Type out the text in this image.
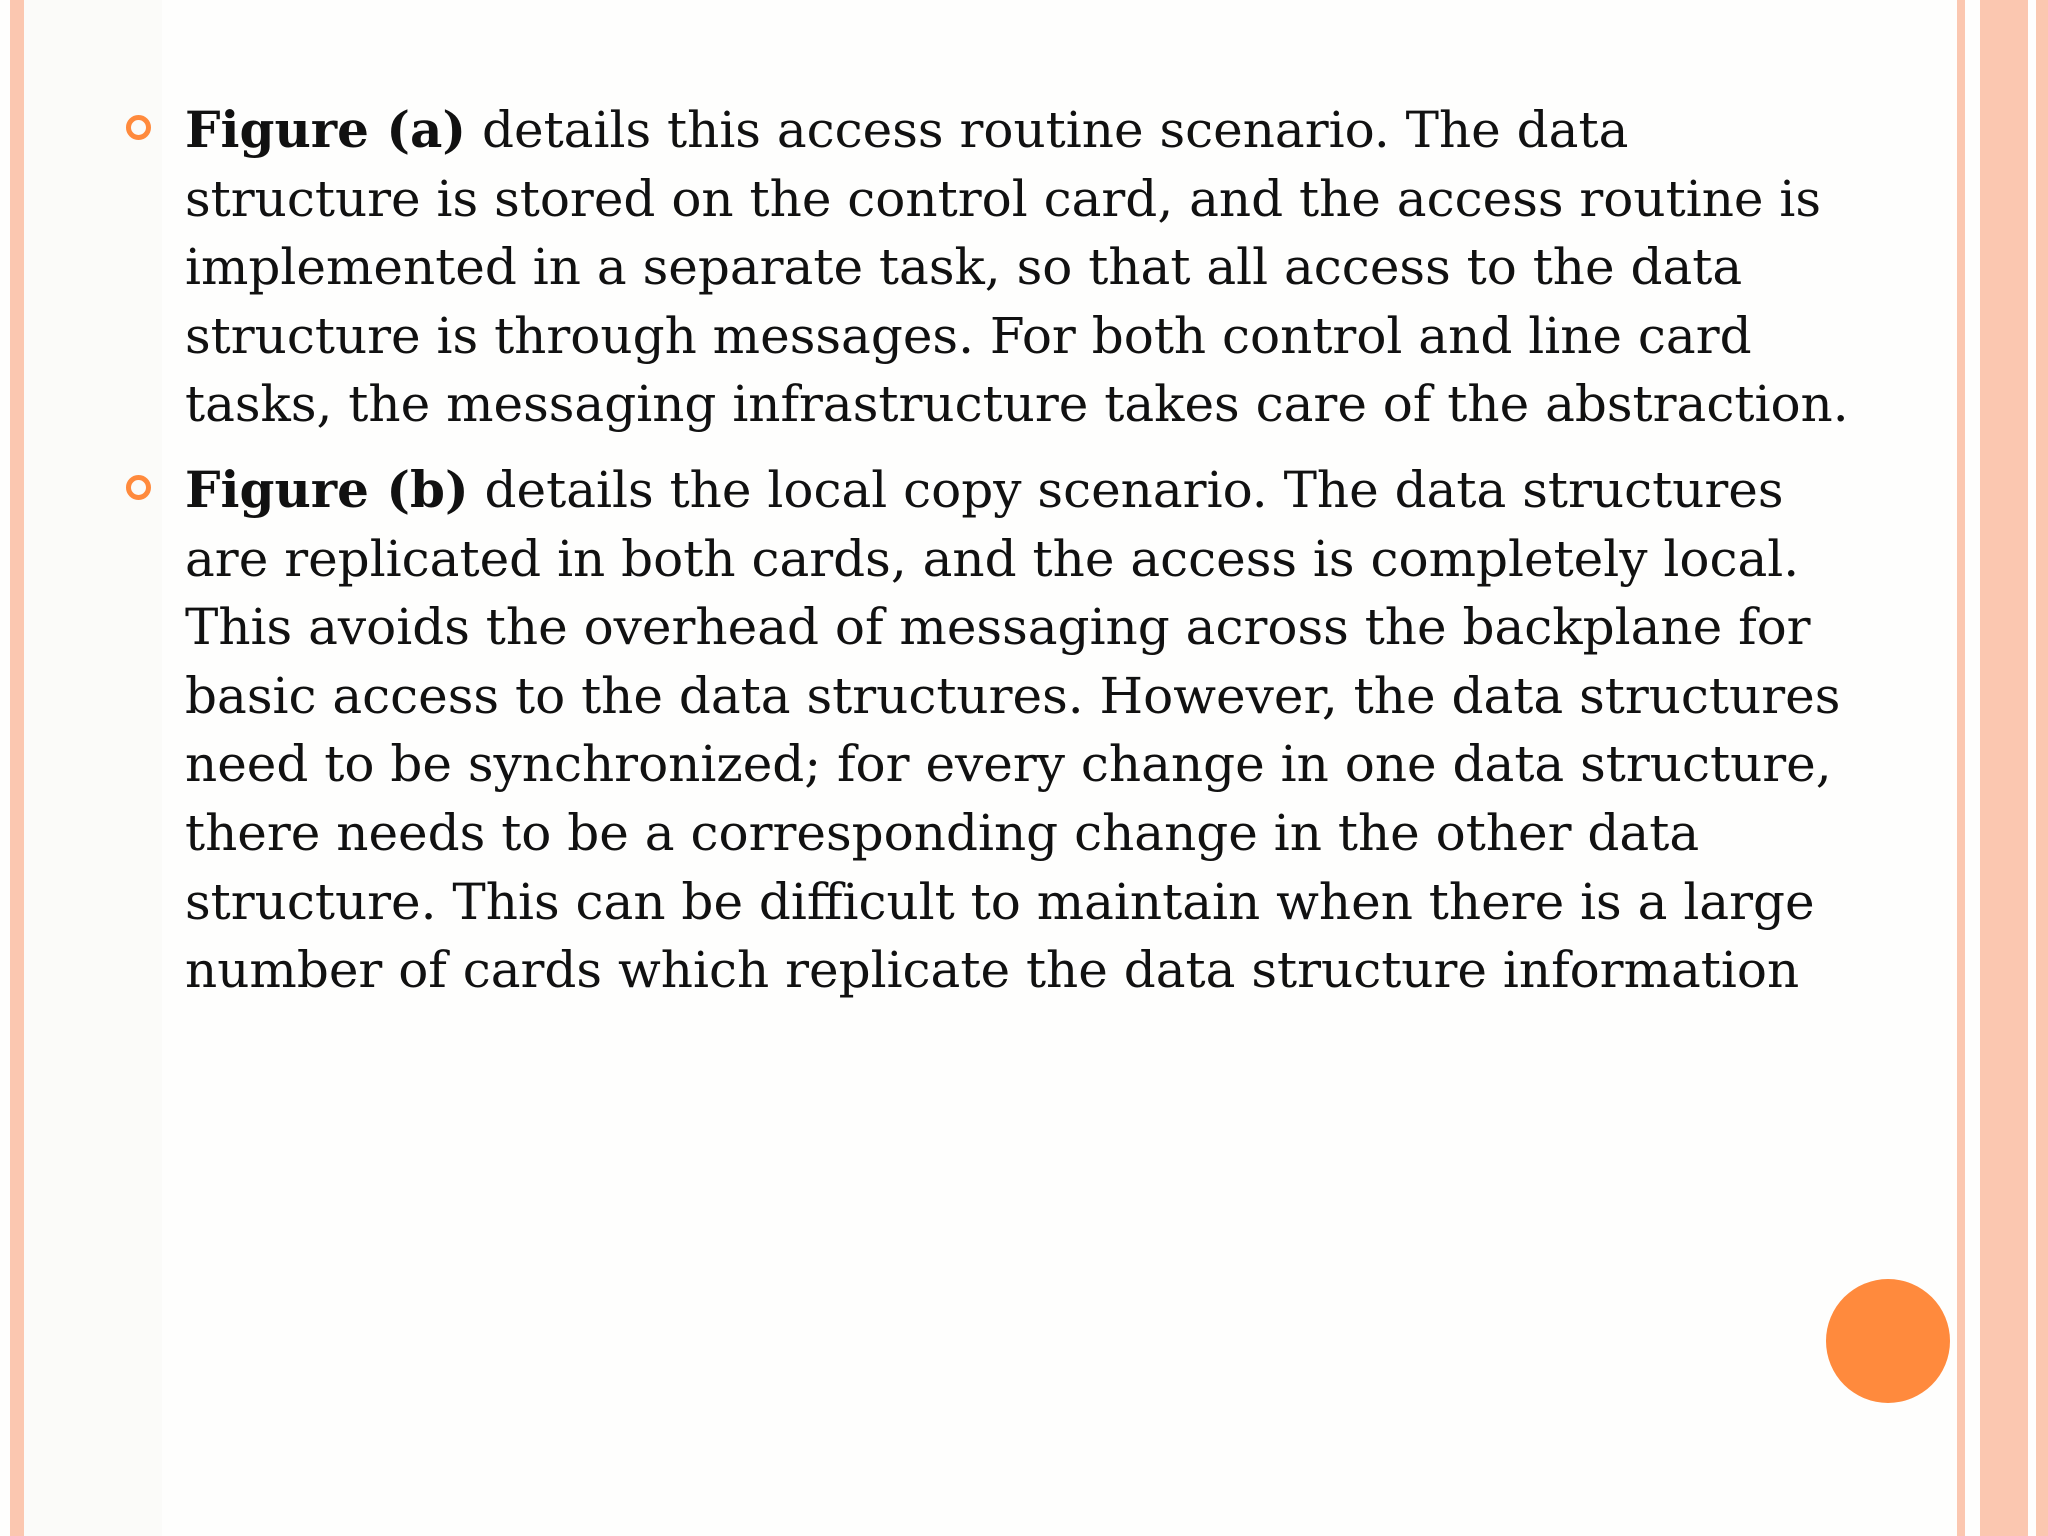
Figure (a) details this access routine scenario. The data
structure is stored on the control card, and the access routine is
implemented in a separate task, so that all access to the data
structure is through messages. For both control and line card
tasks, the messaging infrastructure takes care of the abstraction.
Figure (b) details the local copy scenario. The data structures
are replicated in both cards, and the access is completely local.
This avoids the overhead of messaging across the backplane for
basic access to the data structures. However, the data structures
need to be synchronized; for every change in one data structure,
there needs to be a corresponding change in the other data
structure. This can be difficult to maintain when there is a large
number of cards which replicate the data structure information
